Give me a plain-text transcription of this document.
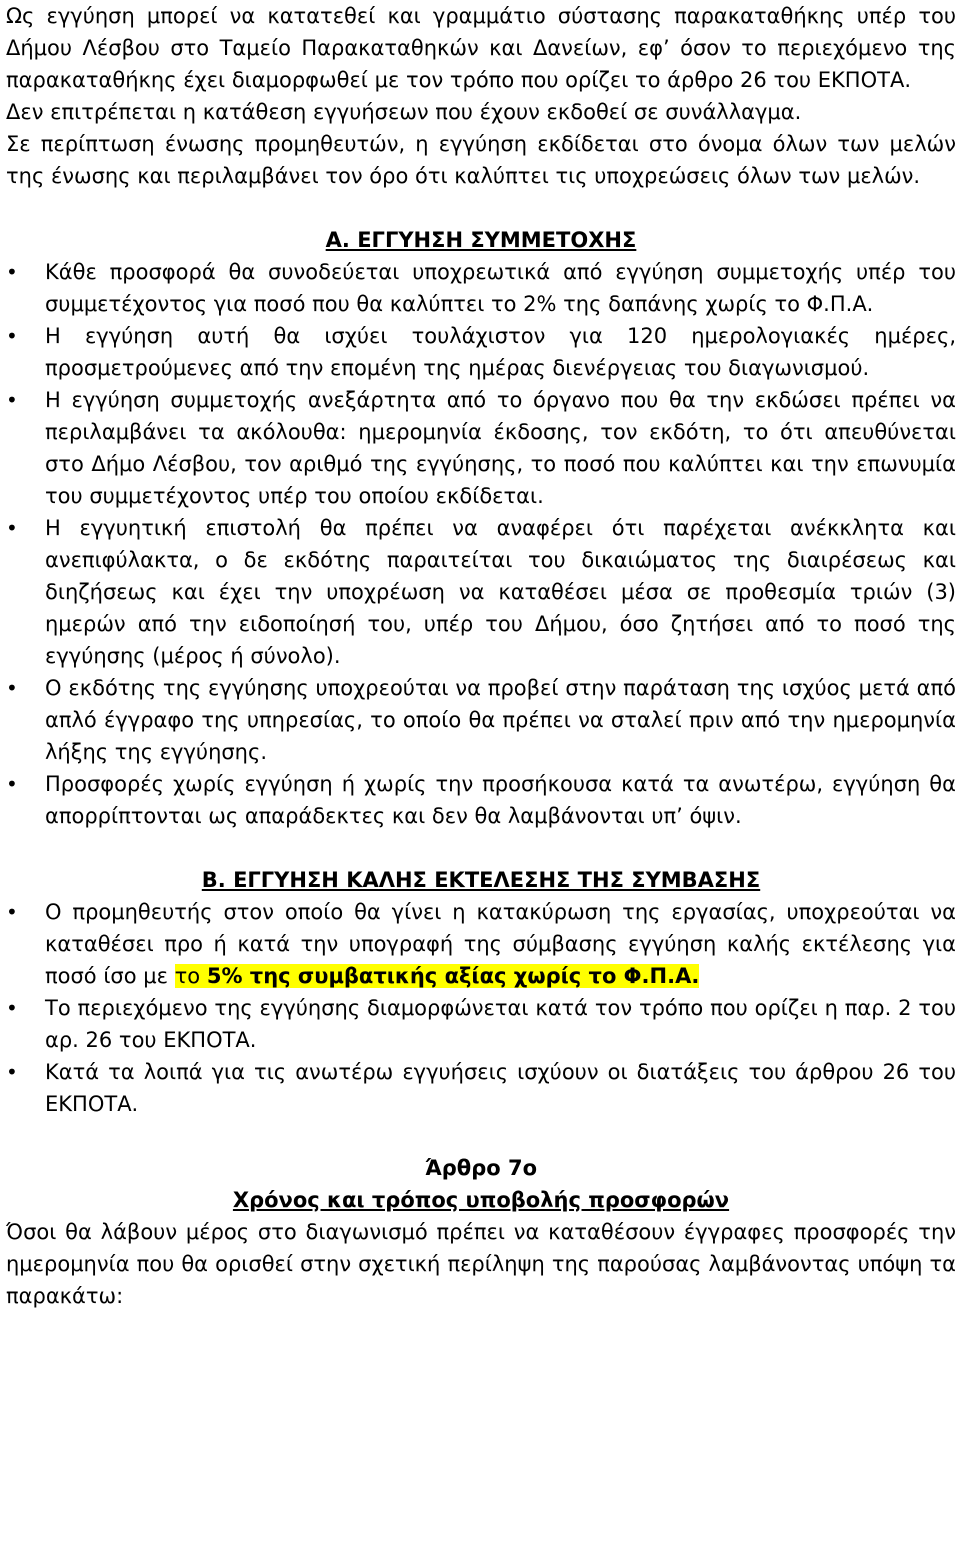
Ως εγγύηση μπορεί να κατατεθεί και γραμμάτιο σύστασης παρακαταθήκης υπέρ του Δήμου Λέσβου στο Ταμείο Παρακαταθηκών και Δανείων, εφ’ όσον το περιεχόμενο της παρακαταθήκης έχει διαμορφωθεί με τον τρόπο που ορίζει το άρθρο 26 του ΕΚΠΟΤΑ.

Δεν επιτρέπεται η κατάθεση εγγυήσεων που έχουν εκδοθεί σε συνάλλαγμα.

Σε περίπτωση ένωσης προμηθευτών, η εγγύηση εκδίδεται στο όνομα όλων των μελών της ένωσης και περιλαμβάνει τον όρο ότι καλύπτει τις υποχρεώσεις όλων των μελών.

Α. ΕΓΓΥΗΣΗ ΣΥΜΜΕΤΟΧΗΣ

•	Κάθε προσφορά θα συνοδεύεται υποχρεωτικά από εγγύηση συμμετοχής υπέρ του συμμετέχοντος για ποσό που θα καλύπτει το 2% της δαπάνης χωρίς το Φ.Π.Α.
•	Η εγγύηση αυτή θα ισχύει τουλάχιστον για 120 ημερολογιακές ημέρες, προσμετρούμενες από την επομένη της ημέρας διενέργειας του διαγωνισμού.
•	Η εγγύηση συμμετοχής ανεξάρτητα από το όργανο που θα την εκδώσει πρέπει να περιλαμβάνει τα ακόλουθα: ημερομηνία έκδοσης, τον εκδότη, το ότι απευθύνεται στο Δήμο Λέσβου, τον αριθμό της εγγύησης, το ποσό που καλύπτει και την επωνυμία του συμμετέχοντος υπέρ του οποίου εκδίδεται.
•	Η εγγυητική επιστολή θα πρέπει να αναφέρει ότι παρέχεται ανέκκλητα και ανεπιφύλακτα, ο δε εκδότης παραιτείται του δικαιώματος της διαιρέσεως και διηζήσεως και έχει την υποχρέωση να καταθέσει μέσα σε προθεσμία τριών (3) ημερών από την ειδοποίησή του, υπέρ του Δήμου, όσο ζητήσει από το ποσό της εγγύησης (μέρος ή σύνολο).
•	Ο εκδότης της εγγύησης υποχρεούται να προβεί στην παράταση της ισχύος μετά από απλό έγγραφο της υπηρεσίας, το οποίο θα πρέπει να σταλεί πριν από την ημερομηνία λήξης της εγγύησης.
•	Προσφορές χωρίς εγγύηση ή χωρίς την προσήκουσα κατά τα ανωτέρω, εγγύηση θα απορρίπτονται ως απαράδεκτες και δεν θα λαμβάνονται υπ’ όψιν.

Β. ΕΓΓΥΗΣΗ ΚΑΛΗΣ ΕΚΤΕΛΕΣΗΣ ΤΗΣ ΣΥΜΒΑΣΗΣ

•	Ο προμηθευτής στον οποίο θα γίνει η κατακύρωση της εργασίας, υποχρεούται να καταθέσει προ ή κατά την υπογραφή της σύμβασης εγγύηση καλής εκτέλεσης για ποσό ίσο με το 5% της συμβατικής αξίας χωρίς το Φ.Π.Α.
•	Το περιεχόμενο της εγγύησης διαμορφώνεται κατά τον τρόπο που ορίζει η παρ. 2 του αρ. 26 του ΕΚΠΟΤΑ.
•	Κατά τα λοιπά για τις ανωτέρω εγγυήσεις ισχύουν οι διατάξεις του άρθρου 26 του ΕΚΠΟΤΑ.

Άρθρο 7ο

Χρόνος και τρόπος υποβολής προσφορών

Όσοι θα λάβουν μέρος στο διαγωνισμό πρέπει να καταθέσουν έγγραφες προσφορές την ημερομηνία που θα ορισθεί στην σχετική περίληψη της παρούσας λαμβάνοντας υπόψη τα παρακάτω:
